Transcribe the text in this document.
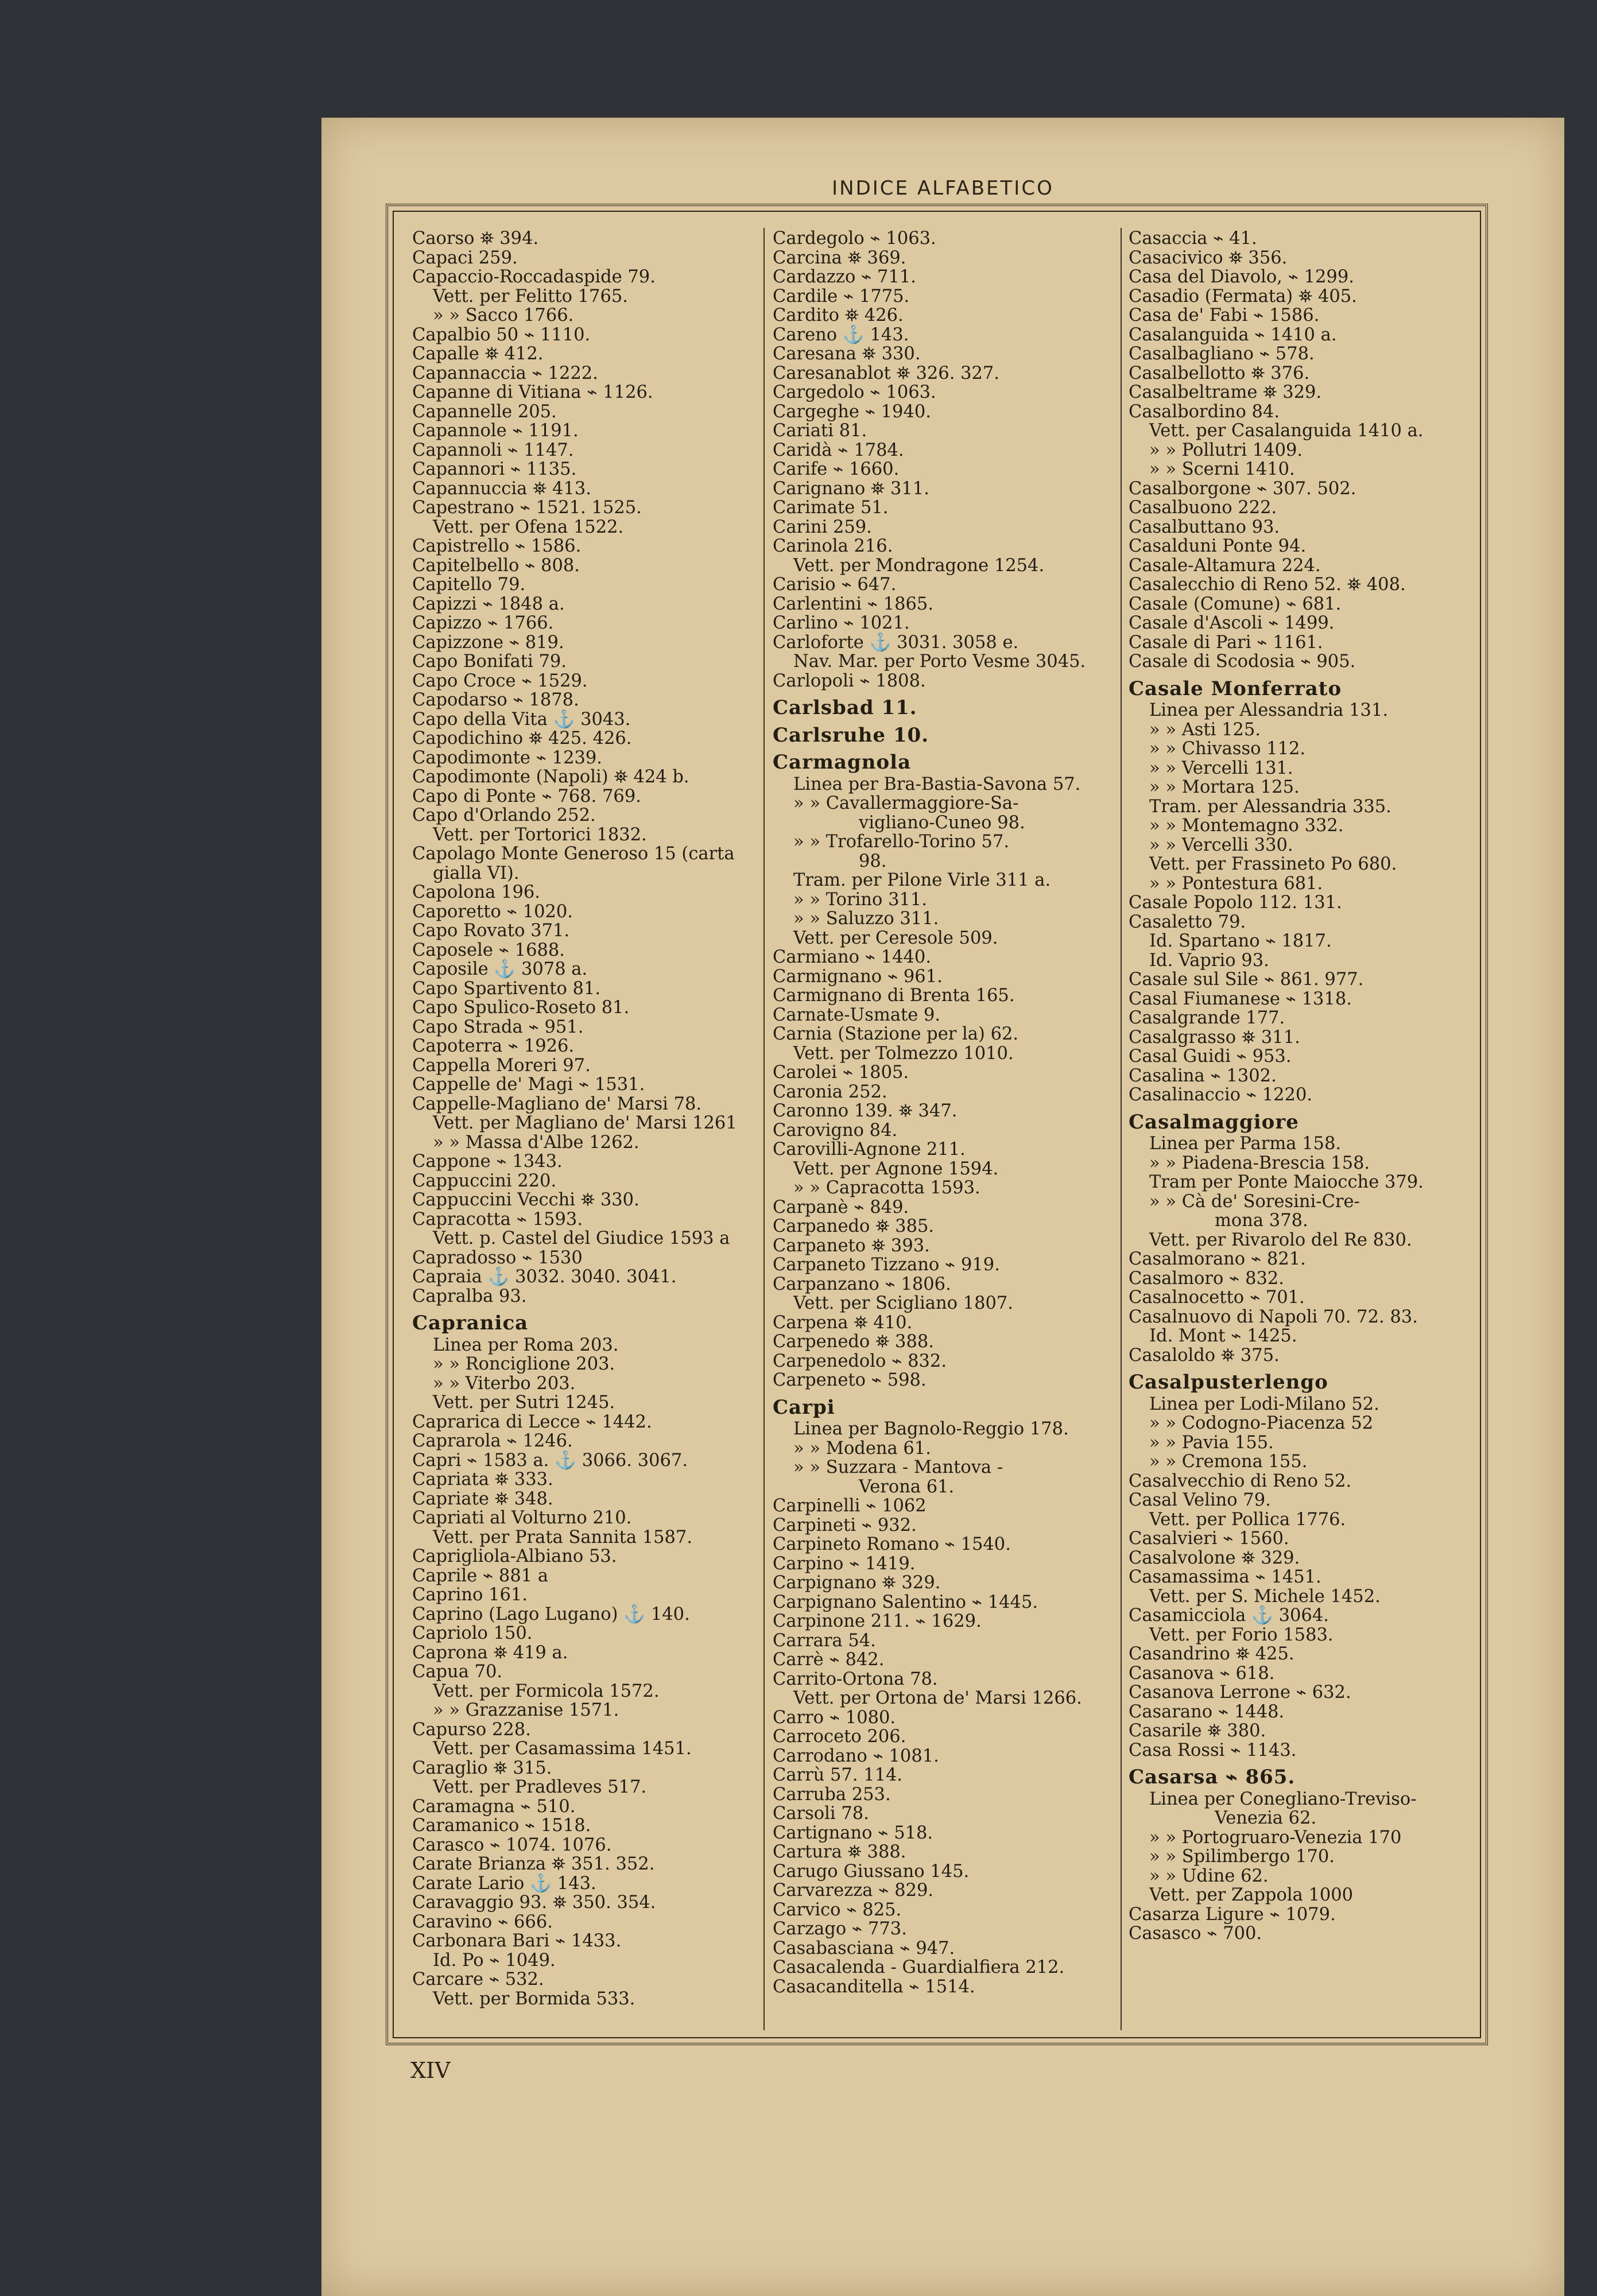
INDICE ALFABETICO
Caorso ⛯ 394.
Capaci 259.
Capaccio-Roccadaspide 79.
Vett. per Felitto 1765.
» » Sacco 1766.
Capalbio 50 ⌁ 1110.
Capalle ⛯ 412.
Capannaccia ⌁ 1222.
Capanne di Vitiana ⌁ 1126.
Capannelle 205.
Capannole ⌁ 1191.
Capannoli ⌁ 1147.
Capannori ⌁ 1135.
Capannuccia ⛯ 413.
Capestrano ⌁ 1521. 1525.
Vett. per Ofena 1522.
Capistrello ⌁ 1586.
Capitelbello ⌁ 808.
Capitello 79.
Capizzi ⌁ 1848 a.
Capizzo ⌁ 1766.
Capizzone ⌁ 819.
Capo Bonifati 79.
Capo Croce ⌁ 1529.
Capodarso ⌁ 1878.
Capo della Vita ⚓ 3043.
Capodichino ⛯ 425. 426.
Capodimonte ⌁ 1239.
Capodimonte (Napoli) ⛯ 424 b.
Capo di Ponte ⌁ 768. 769.
Capo d'Orlando 252.
Vett. per Tortorici 1832.
Capolago Monte Generoso 15 (carta
gialla VI).
Capolona 196.
Caporetto ⌁ 1020.
Capo Rovato 371.
Caposele ⌁ 1688.
Caposile ⚓ 3078 a.
Capo Spartivento 81.
Capo Spulico-Roseto 81.
Capo Strada ⌁ 951.
Capoterra ⌁ 1926.
Cappella Moreri 97.
Cappelle de' Magi ⌁ 1531.
Cappelle-Magliano de' Marsi 78.
Vett. per Magliano de' Marsi 1261
» » Massa d'Albe 1262.
Cappone ⌁ 1343.
Cappuccini 220.
Cappuccini Vecchi ⛯ 330.
Capracotta ⌁ 1593.
Vett. p. Castel del Giudice 1593 a
Capradosso ⌁ 1530
Capraia ⚓ 3032. 3040. 3041.
Capralba 93.
Capranica
Linea per Roma 203.
» » Ronciglione 203.
» » Viterbo 203.
Vett. per Sutri 1245.
Caprarica di Lecce ⌁ 1442.
Caprarola ⌁ 1246.
Capri ⌁ 1583 a. ⚓ 3066. 3067.
Capriata ⛯ 333.
Capriate ⛯ 348.
Capriati al Volturno 210.
Vett. per Prata Sannita 1587.
Caprigliola-Albiano 53.
Caprile ⌁ 881 a
Caprino 161.
Caprino (Lago Lugano) ⚓ 140.
Capriolo 150.
Caprona ⛯ 419 a.
Capua 70.
Vett. per Formicola 1572.
» » Grazzanise 1571.
Capurso 228.
Vett. per Casamassima 1451.
Caraglio ⛯ 315.
Vett. per Pradleves 517.
Caramagna ⌁ 510.
Caramanico ⌁ 1518.
Carasco ⌁ 1074. 1076.
Carate Brianza ⛯ 351. 352.
Carate Lario ⚓ 143.
Caravaggio 93. ⛯ 350. 354.
Caravino ⌁ 666.
Carbonara Bari ⌁ 1433.
Id. Po ⌁ 1049.
Carcare ⌁ 532.
Vett. per Bormida 533.
Cardegolo ⌁ 1063.
Carcina ⛯ 369.
Cardazzo ⌁ 711.
Cardile ⌁ 1775.
Cardito ⛯ 426.
Careno ⚓ 143.
Caresana ⛯ 330.
Caresanablot ⛯ 326. 327.
Cargedolo ⌁ 1063.
Cargeghe ⌁ 1940.
Cariati 81.
Caridà ⌁ 1784.
Carife ⌁ 1660.
Carignano ⛯ 311.
Carimate 51.
Carini 259.
Carinola 216.
Vett. per Mondragone 1254.
Carisio ⌁ 647.
Carlentini ⌁ 1865.
Carlino ⌁ 1021.
Carloforte ⚓ 3031. 3058 e.
Nav. Mar. per Porto Vesme 3045.
Carlopoli ⌁ 1808.
Carlsbad 11.
Carlsruhe 10.
Carmagnola
Linea per Bra-Bastia-Savona 57.
» » Cavallermaggiore-Sa-
vigliano-Cuneo 98.
» » Trofarello-Torino 57.
98.
Tram. per Pilone Virle 311 a.
» » Torino 311.
» » Saluzzo 311.
Vett. per Ceresole 509.
Carmiano ⌁ 1440.
Carmignano ⌁ 961.
Carmignano di Brenta 165.
Carnate-Usmate 9.
Carnia (Stazione per la) 62.
Vett. per Tolmezzo 1010.
Carolei ⌁ 1805.
Caronia 252.
Caronno 139. ⛯ 347.
Carovigno 84.
Carovilli-Agnone 211.
Vett. per Agnone 1594.
» » Capracotta 1593.
Carpanè ⌁ 849.
Carpanedo ⛯ 385.
Carpaneto ⛯ 393.
Carpaneto Tizzano ⌁ 919.
Carpanzano ⌁ 1806.
Vett. per Scigliano 1807.
Carpena ⛯ 410.
Carpenedo ⛯ 388.
Carpenedolo ⌁ 832.
Carpeneto ⌁ 598.
Carpi
Linea per Bagnolo-Reggio 178.
» » Modena 61.
» » Suzzara - Mantova -
Verona 61.
Carpinelli ⌁ 1062
Carpineti ⌁ 932.
Carpineto Romano ⌁ 1540.
Carpino ⌁ 1419.
Carpignano ⛯ 329.
Carpignano Salentino ⌁ 1445.
Carpinone 211. ⌁ 1629.
Carrara 54.
Carrè ⌁ 842.
Carrito-Ortona 78.
Vett. per Ortona de' Marsi 1266.
Carro ⌁ 1080.
Carroceto 206.
Carrodano ⌁ 1081.
Carrù 57. 114.
Carruba 253.
Carsoli 78.
Cartignano ⌁ 518.
Cartura ⛯ 388.
Carugo Giussano 145.
Carvarezza ⌁ 829.
Carvico ⌁ 825.
Carzago ⌁ 773.
Casabasciana ⌁ 947.
Casacalenda - Guardialfiera 212.
Casacanditella ⌁ 1514.
Casaccia ⌁ 41.
Casacivico ⛯ 356.
Casa del Diavolo, ⌁ 1299.
Casadio (Fermata) ⛯ 405.
Casa de' Fabi ⌁ 1586.
Casalanguida ⌁ 1410 a.
Casalbagliano ⌁ 578.
Casalbellotto ⛯ 376.
Casalbeltrame ⛯ 329.
Casalbordino 84.
Vett. per Casalanguida 1410 a.
» » Pollutri 1409.
» » Scerni 1410.
Casalborgone ⌁ 307. 502.
Casalbuono 222.
Casalbuttano 93.
Casalduni Ponte 94.
Casale-Altamura 224.
Casalecchio di Reno 52. ⛯ 408.
Casale (Comune) ⌁ 681.
Casale d'Ascoli ⌁ 1499.
Casale di Pari ⌁ 1161.
Casale di Scodosia ⌁ 905.
Casale Monferrato
Linea per Alessandria 131.
» » Asti 125.
» » Chivasso 112.
» » Vercelli 131.
» » Mortara 125.
Tram. per Alessandria 335.
» » Montemagno 332.
» » Vercelli 330.
Vett. per Frassineto Po 680.
» » Pontestura 681.
Casale Popolo 112. 131.
Casaletto 79.
Id. Spartano ⌁ 1817.
Id. Vaprio 93.
Casale sul Sile ⌁ 861. 977.
Casal Fiumanese ⌁ 1318.
Casalgrande 177.
Casalgrasso ⛯ 311.
Casal Guidi ⌁ 953.
Casalina ⌁ 1302.
Casalinaccio ⌁ 1220.
Casalmaggiore
Linea per Parma 158.
» » Piadena-Brescia 158.
Tram per Ponte Maiocche 379.
» » Cà de' Soresini-Cre-
mona 378.
Vett. per Rivarolo del Re 830.
Casalmorano ⌁ 821.
Casalmoro ⌁ 832.
Casalnocetto ⌁ 701.
Casalnuovo di Napoli 70. 72. 83.
Id. Mont ⌁ 1425.
Casaloldo ⛯ 375.
Casalpusterlengo
Linea per Lodi-Milano 52.
» » Codogno-Piacenza 52
» » Pavia 155.
» » Cremona 155.
Casalvecchio di Reno 52.
Casal Velino 79.
Vett. per Pollica 1776.
Casalvieri ⌁ 1560.
Casalvolone ⛯ 329.
Casamassima ⌁ 1451.
Vett. per S. Michele 1452.
Casamicciola ⚓ 3064.
Vett. per Forio 1583.
Casandrino ⛯ 425.
Casanova ⌁ 618.
Casanova Lerrone ⌁ 632.
Casarano ⌁ 1448.
Casarile ⛯ 380.
Casa Rossi ⌁ 1143.
Casarsa ⌁ 865.
Linea per Conegliano-Treviso-
Venezia 62.
» » Portogruaro-Venezia 170
» » Spilimbergo 170.
» » Udine 62.
Vett. per Zappola 1000
Casarza Ligure ⌁ 1079.
Casasco ⌁ 700.
XIV
